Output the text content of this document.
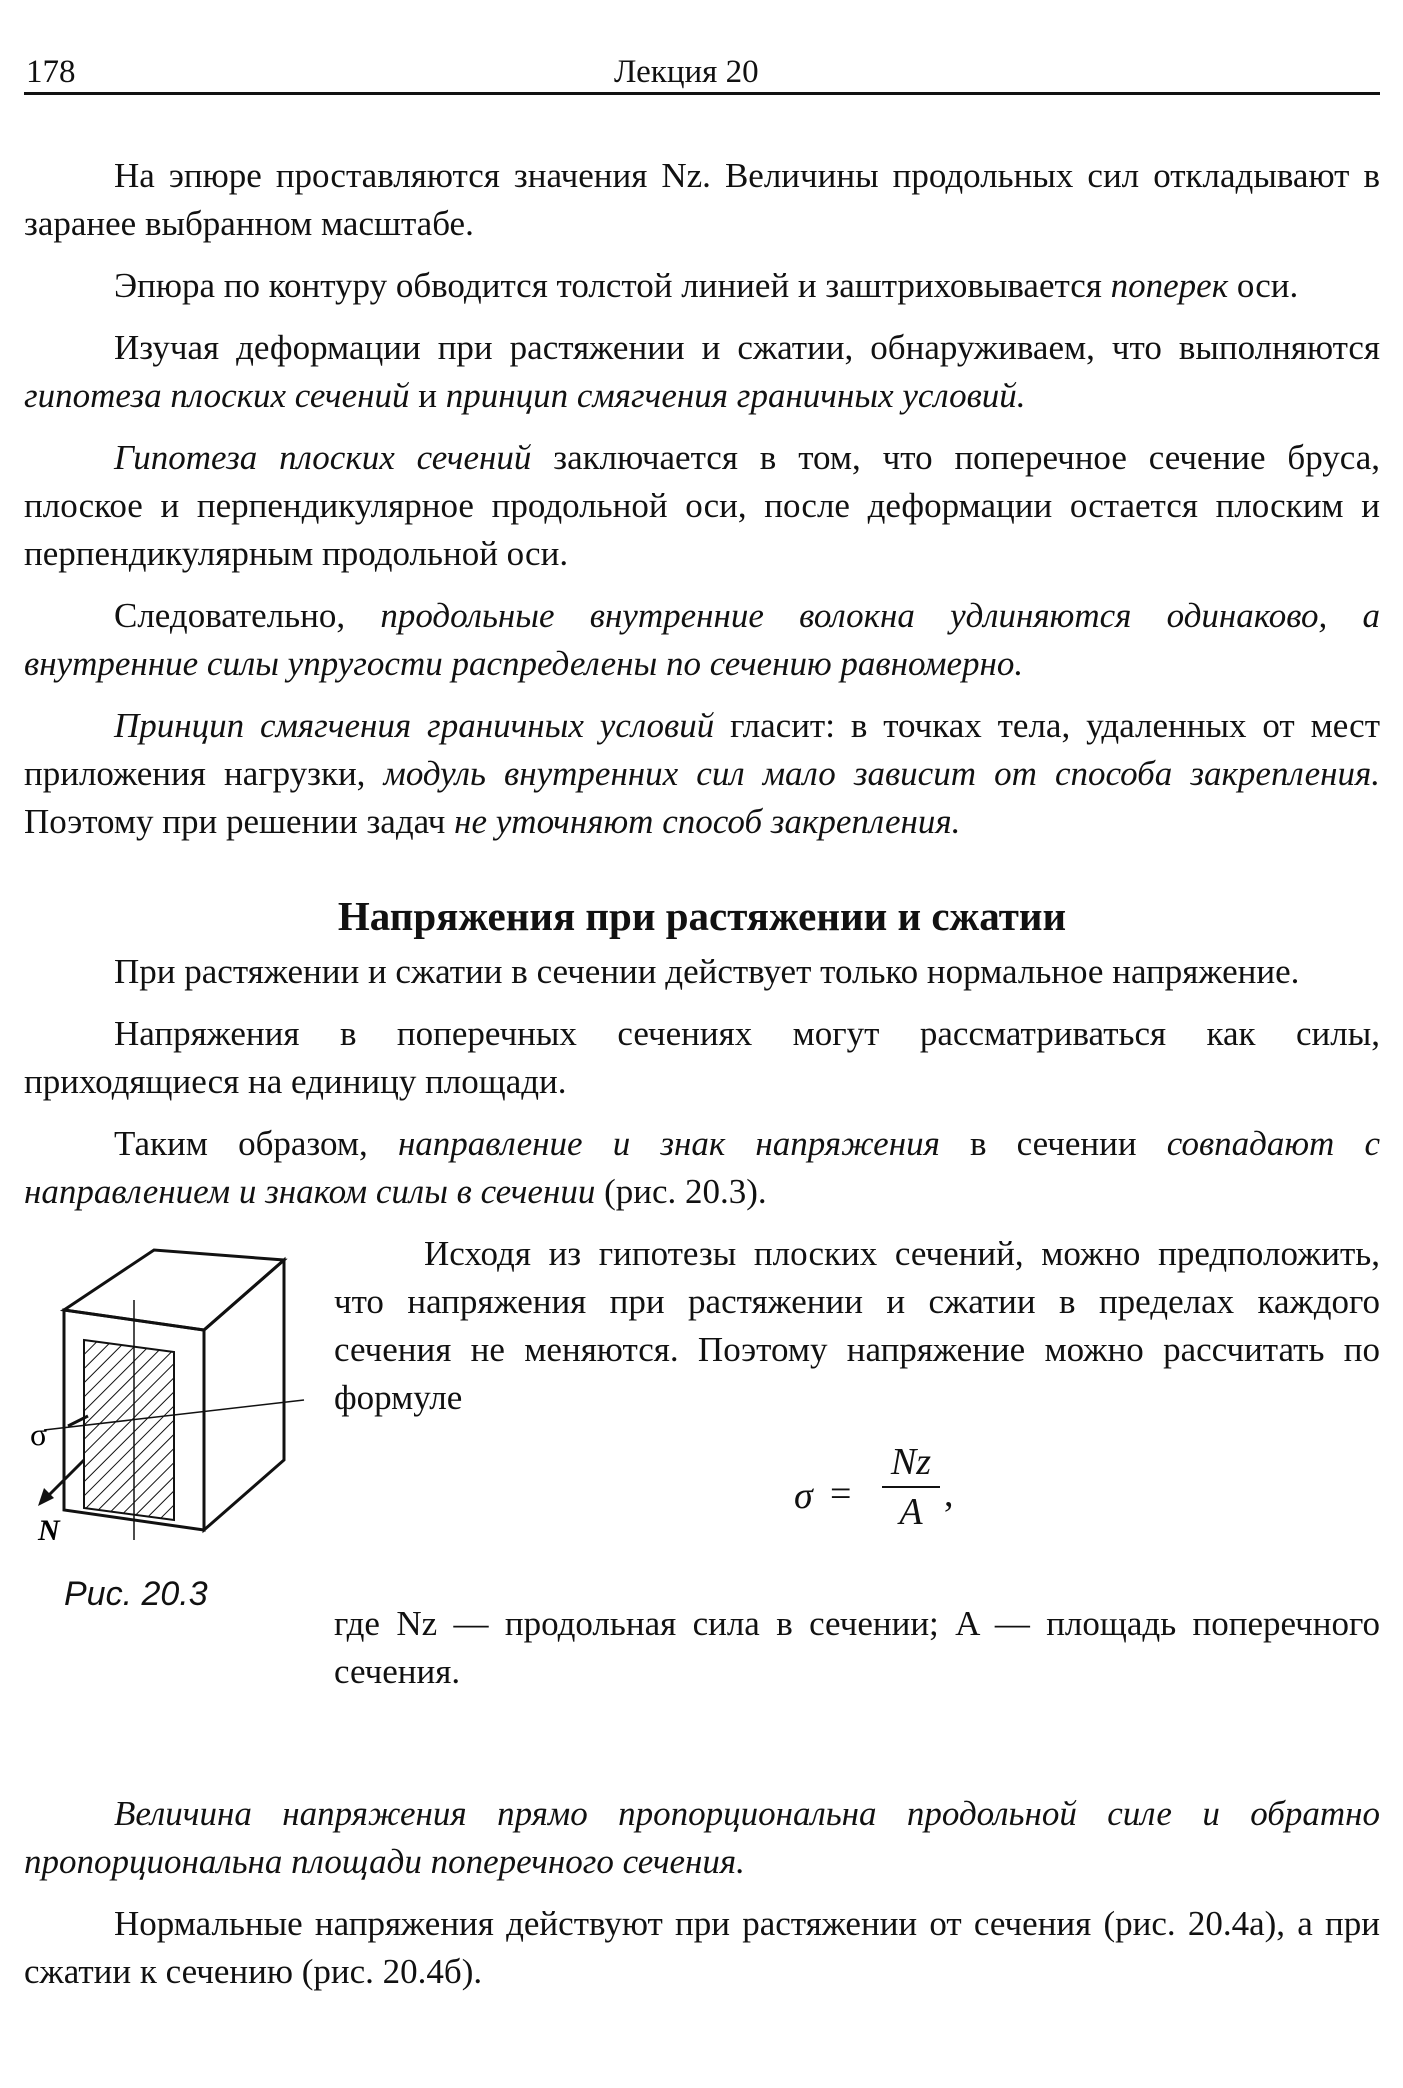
178	Лекция 20

На эпюре проставляются значения Nz. Величины продольных сил откладывают в заранее выбранном масштабе.

Эпюра по контуру обводится толстой линией и заштриховывается поперек оси.

Изучая деформации при растяжении и сжатии, обнаруживаем, что выполняются гипотеза плоских сечений и принцип смягчения граничных условий.

Гипотеза плоских сечений заключается в том, что поперечное сечение бруса, плоское и перпендикулярное продольной оси, после деформации остается плоским и перпендикулярным продольной оси.

Следовательно, продольные внутренние волокна удлиняются одинаково, а внутренние силы упругости распределены по сечению равномерно.

Принцип смягчения граничных условий гласит: в точках тела, удаленных от мест приложения нагрузки, модуль внутренних сил мало зависит от способа закрепления. Поэтому при решении задач не уточняют способ закрепления.

Напряжения при растяжении и сжатии

При растяжении и сжатии в сечении действует только нормальное напряжение.

Напряжения в поперечных сечениях могут рассматриваться как силы, приходящиеся на единицу площади.

Таким образом, направление и знак напряжения в сечении совпадают с направлением и знаком силы в сечении (рис. 20.3).

σ
N
Рис. 20.3

Исходя из гипотезы плоских сечений, можно предположить, что напряжения при растяжении и сжатии в пределах каждого сечения не меняются. Поэтому напряжение можно рассчитать по формуле

σ =
Nz
A ,

где Nz — продольная сила в сечении; A — площадь поперечного сечения.

Величина напряжения прямо пропорциональна продольной силе и обратно пропорциональна площади поперечного сечения.

Нормальные напряжения действуют при растяжении от сечения (рис. 20.4а), а при сжатии к сечению (рис. 20.4б).
